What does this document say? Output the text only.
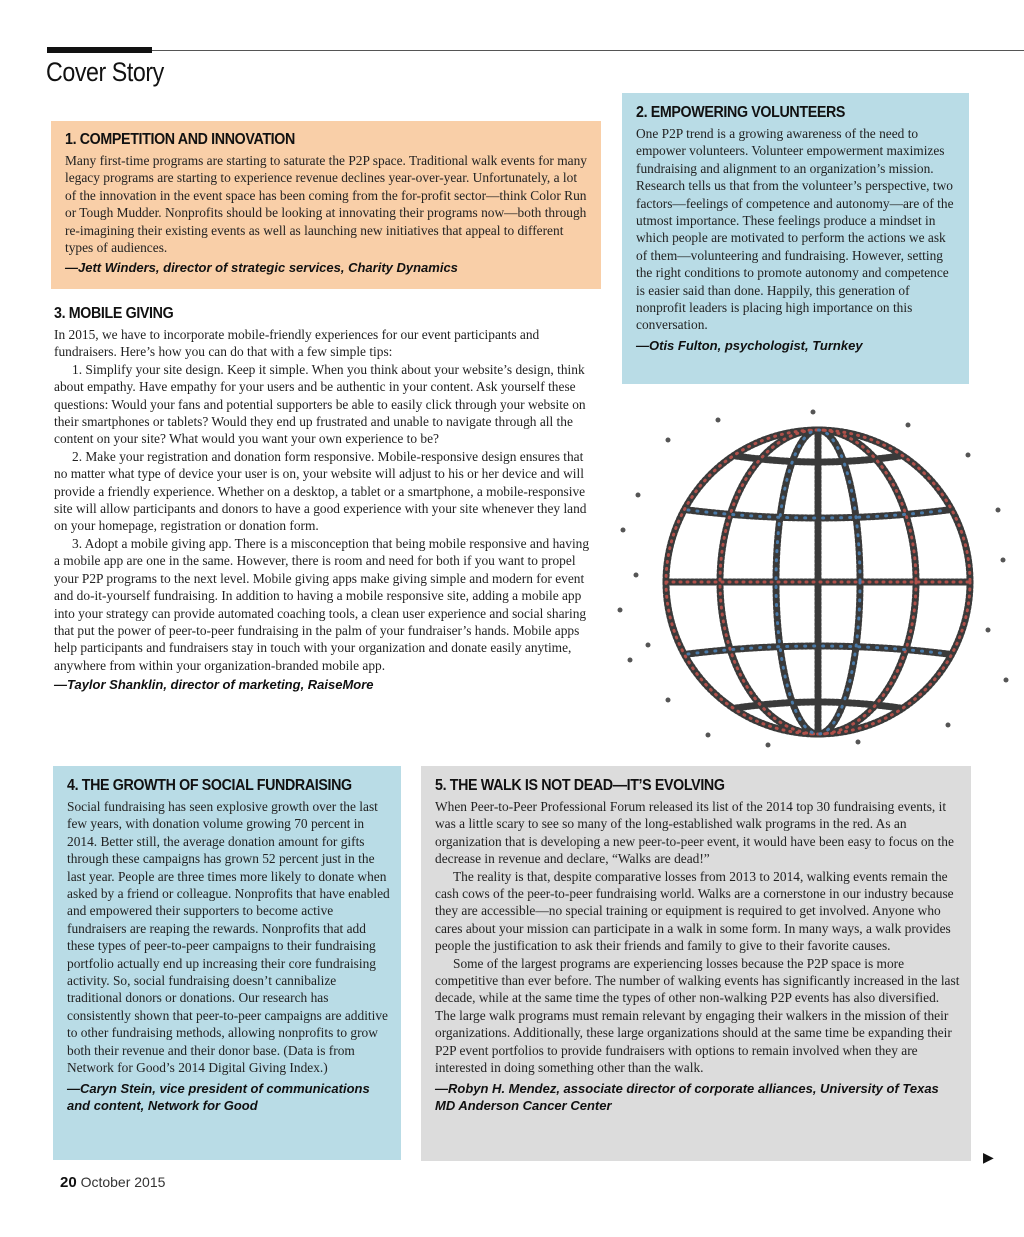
Cover Story
1. COMPETITION AND INNOVATION
Many first-time programs are starting to saturate the P2P space. Traditional walk events for many legacy programs are starting to experience revenue declines year-over-year. Unfortunately, a lot of the innovation in the event space has been coming from the for-profit sector—think Color Run or Tough Mudder. Nonprofits should be looking at innovating their programs now—both through re-imagining their existing events as well as launching new initiatives that appeal to different types of audiences.
—Jett Winders, director of strategic services, Charity Dynamics
2. EMPOWERING VOLUNTEERS
One P2P trend is a growing awareness of the need to empower volunteers. Volunteer empowerment maximizes fundraising and alignment to an organization’s mission. Research tells us that from the volunteer’s perspective, two factors—feelings of competence and autonomy—are of the utmost importance. These feelings produce a mindset in which people are motivated to perform the actions we ask of them—volunteering and fundraising. However, setting the right conditions to promote autonomy and competence is easier said than done. Happily, this generation of nonprofit leaders is placing high importance on this conversation.
—Otis Fulton, psychologist, Turnkey
3. MOBILE GIVING

In 2015, we have to incorporate mobile-friendly experiences for our event participants and fundraisers. Here’s how you can do that with a few simple tips:

1. Simplify your site design. Keep it simple. When you think about your website’s design, think about empathy. Have empathy for your users and be authentic in your content. Ask yourself these questions: Would your fans and potential supporters be able to easily click through your website on their smartphones or tablets? Would they end up frustrated and unable to navigate through all the content on your site? What would you want your own experience to be?

2. Make your registration and donation form responsive. Mobile-responsive design ensures that no matter what type of device your user is on, your website will adjust to his or her device and will provide a friendly experience. Whether on a desktop, a tablet or a smartphone, a mobile-responsive site will allow participants and donors to have a good experience with your site whenever they land on your homepage, registration or donation form.

3. Adopt a mobile giving app. There is a misconception that being mobile responsive and having a mobile app are one in the same. However, there is room and need for both if you want to propel your P2P programs to the next level. Mobile giving apps make giving simple and modern for event and do-it-yourself fundraising. In addition to having a mobile responsive site, adding a mobile app into your strategy can provide automated coaching tools, a clean user experience and social sharing that put the power of peer-to-peer fundraising in the palm of your fundraiser’s hands. Mobile apps help participants and fundraisers stay in touch with your organization and donate easily anytime, anywhere from within your organization-branded mobile app.

—Taylor Shanklin, director of marketing, RaiseMore
4. THE GROWTH OF SOCIAL FUNDRAISING
Social fundraising has seen explosive growth over the last few years, with donation volume growing 70 percent in 2014. Better still, the average donation amount for gifts through these campaigns has grown 52 percent just in the last year. People are three times more likely to donate when asked by a friend or colleague. Nonprofits that have enabled and empowered their supporters to become active fundraisers are reaping the rewards. Nonprofits that add these types of peer-to-peer campaigns to their fundraising portfolio actually end up increasing their core fundraising activity. So, social fundraising doesn’t cannibalize traditional donors or donations. Our research has consistently shown that peer-to-peer campaigns are additive to other fundraising methods, allowing nonprofits to grow both their revenue and their donor base. (Data is from Network for Good’s 2014 Digital Giving Index.)
—Caryn Stein, vice president of communications and content, Network for Good
5. THE WALK IS NOT DEAD—IT’S EVOLVING

When Peer-to-Peer Professional Forum released its list of the 2014 top 30 fundraising events, it was a little scary to see so many of the long-established walk programs in the red. As an organization that is developing a new peer-to-peer event, it would have been easy to focus on the decrease in revenue and declare, “Walks are dead!”

The reality is that, despite comparative losses from 2013 to 2014, walking events remain the cash cows of the peer-to-peer fundraising world. Walks are a cornerstone in our industry because they are accessible—no special training or equipment is required to get involved. Anyone who cares about your mission can participate in a walk in some form. In many ways, a walk provides people the justification to ask their friends and family to give to their favorite causes.

Some of the largest programs are experiencing losses because the P2P space is more competitive than ever before. The number of walking events has significantly increased in the last decade, while at the same time the types of other non-walking P2P events has also diversified. The large walk programs must remain relevant by engaging their walkers in the mission of their organizations. Additionally, these large organizations should at the same time be expanding their P2P event portfolios to provide fundraisers with options to remain involved when they are interested in doing something other than the walk.

—Robyn H. Mendez, associate director of corporate alliances, University of Texas MD Anderson Cancer Center
▶
20 October 2015
